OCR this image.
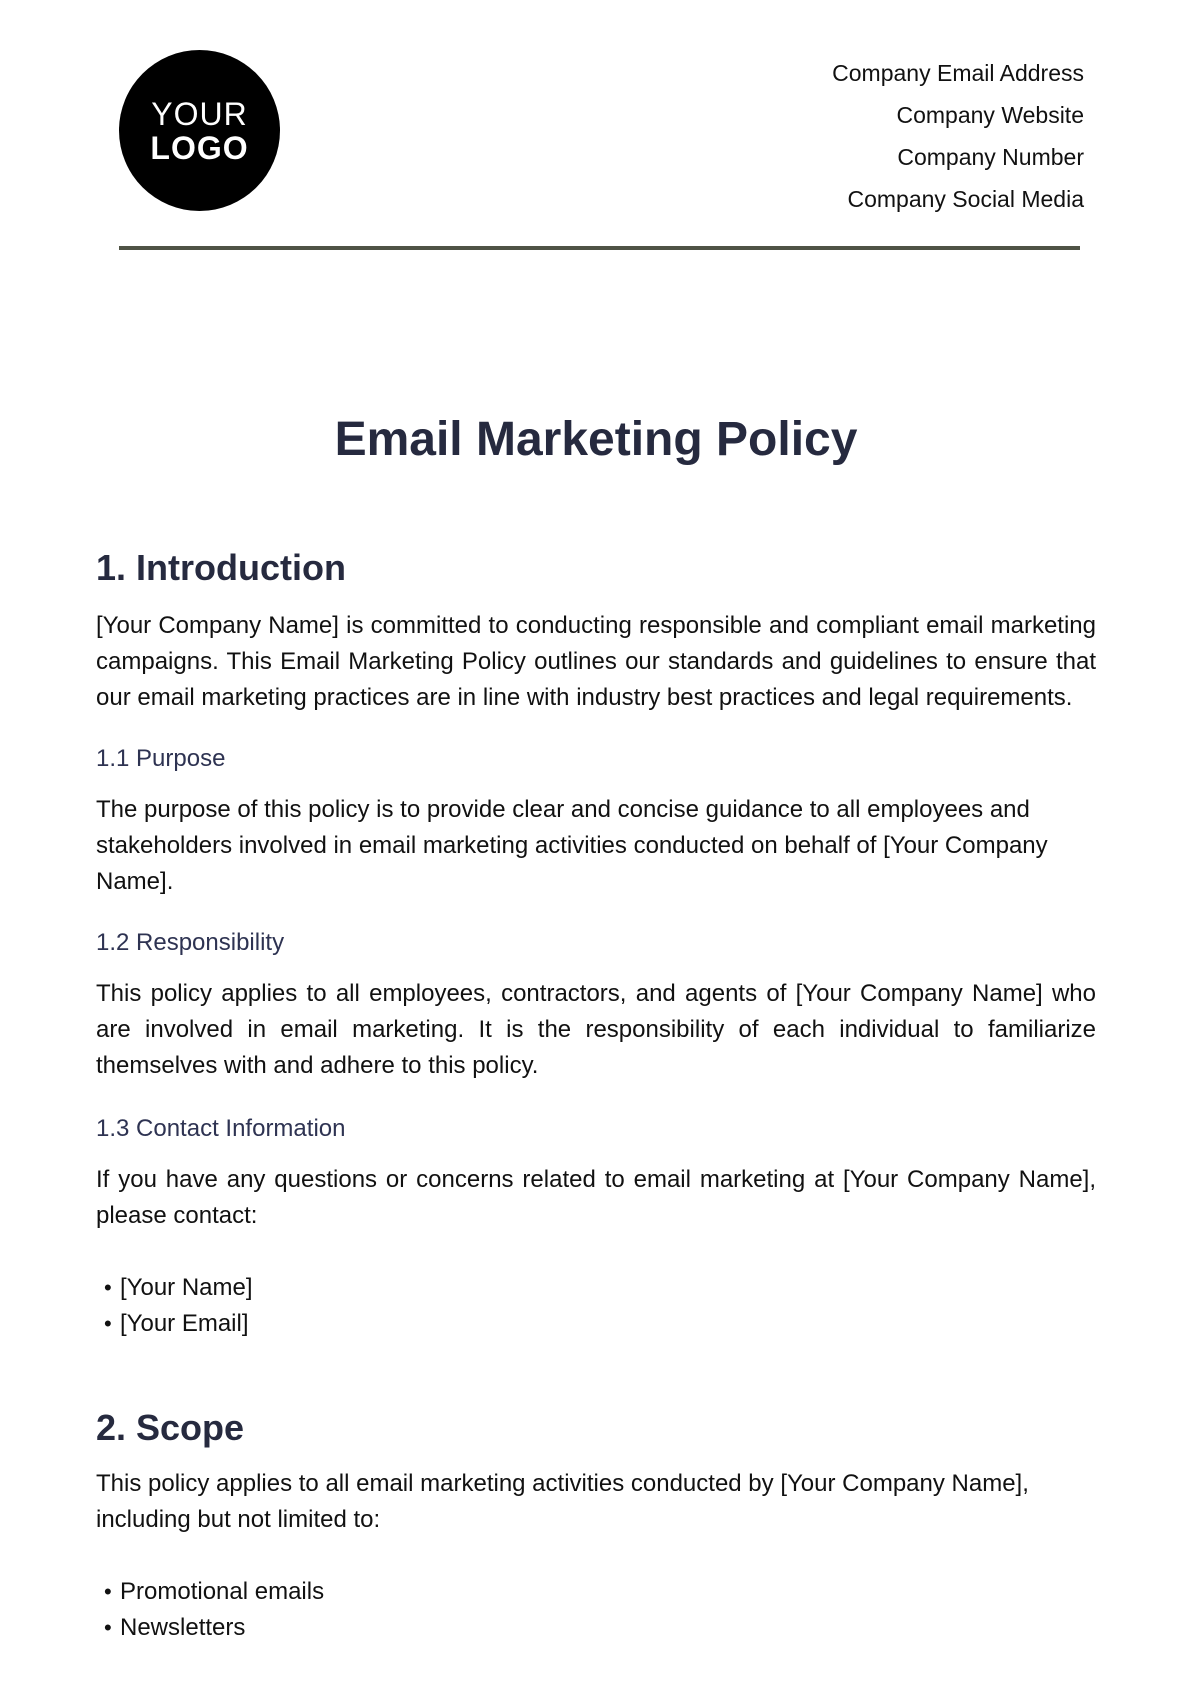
YOUR
LOGO
Company Email Address
Company Website
Company Number
Company Social Media
Email Marketing Policy
1. Introduction

[Your Company Name] is committed to conducting responsible and compliant email marketing campaigns. This Email Marketing Policy outlines our standards and guidelines to ensure that our email marketing practices are in line with industry best practices and legal requirements.

1.1 Purpose

The purpose of this policy is to provide clear and concise guidance to all employees and stakeholders involved in email marketing activities conducted on behalf of [Your Company Name].

1.2 Responsibility

This policy applies to all employees, contractors, and agents of [Your Company Name] who are involved in email marketing. It is the responsibility of each individual to familiarize themselves with and adhere to this policy.

1.3 Contact Information

If you have any questions or concerns related to email marketing at [Your Company Name], please contact:

• [Your Name]
• [Your Email]
2. Scope

This policy applies to all email marketing activities conducted by [Your Company Name], including but not limited to:

• Promotional emails
• Newsletters
